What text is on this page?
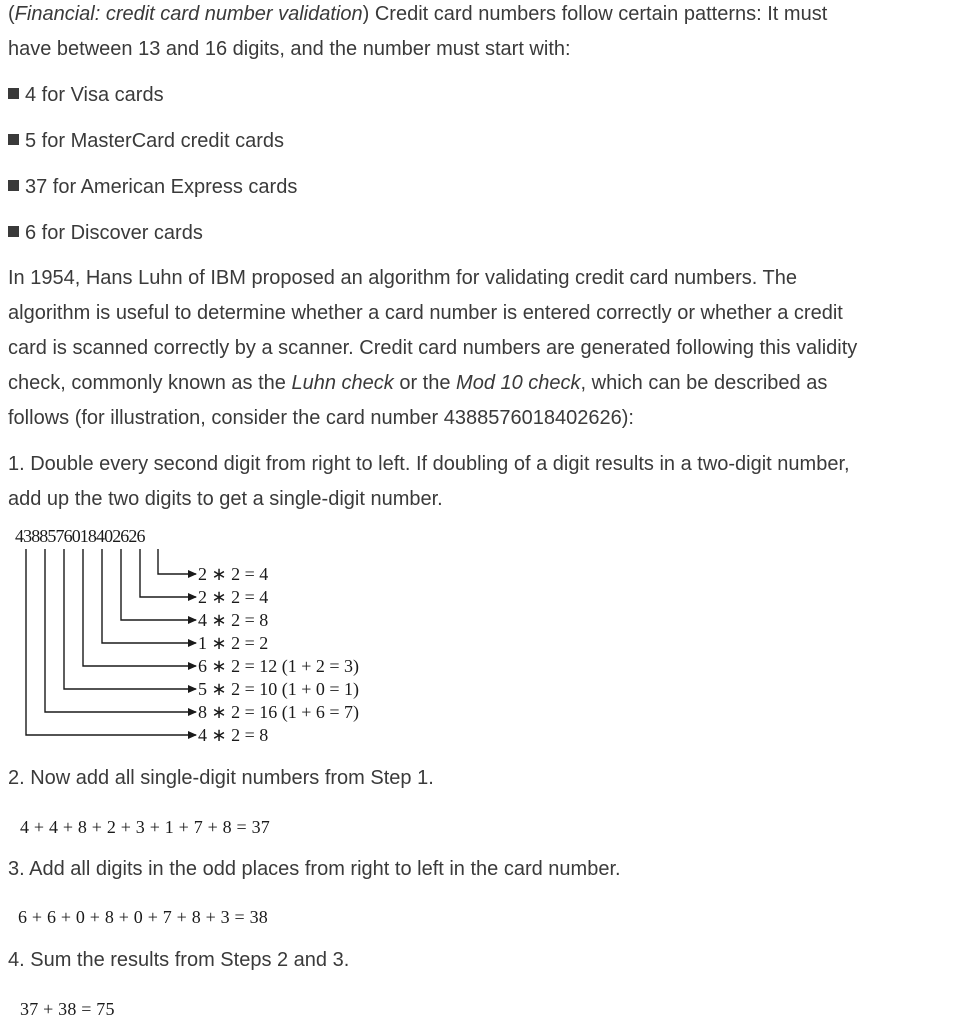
(Financial: credit card number validation) Credit card numbers follow certain patterns: It must
have between 13 and 16 digits, and the number must start with:
4 for Visa cards
5 for MasterCard credit cards
37 for American Express cards
6 for Discover cards
In 1954, Hans Luhn of IBM proposed an algorithm for validating credit card numbers. The
algorithm is useful to determine whether a card number is entered correctly or whether a credit
card is scanned correctly by a scanner. Credit card numbers are generated following this validity
check, commonly known as the Luhn check or the Mod 10 check, which can be described as
follows (for illustration, consider the card number 4388576018402626):
1. Double every second digit from right to left. If doubling of a digit results in a two-digit number,
add up the two digits to get a single-digit number.
2. Now add all single-digit numbers from Step 1.
4 + 4 + 8 + 2 + 3 + 1 + 7 + 8 = 37
3. Add all digits in the odd places from right to left in the card number.
6 + 6 + 0 + 8 + 0 + 7 + 8 + 3 = 38
4. Sum the results from Steps 2 and 3.
37 + 38 = 75
4388576018402626
2 ∗ 2 = 4
2 ∗ 2 = 4
4 ∗ 2 = 8
1 ∗ 2 = 2
6 ∗ 2 = 12 (1 + 2 = 3)
5 ∗ 2 = 10 (1 + 0 = 1)
8 ∗ 2 = 16 (1 + 6 = 7)
4 ∗ 2 = 8
